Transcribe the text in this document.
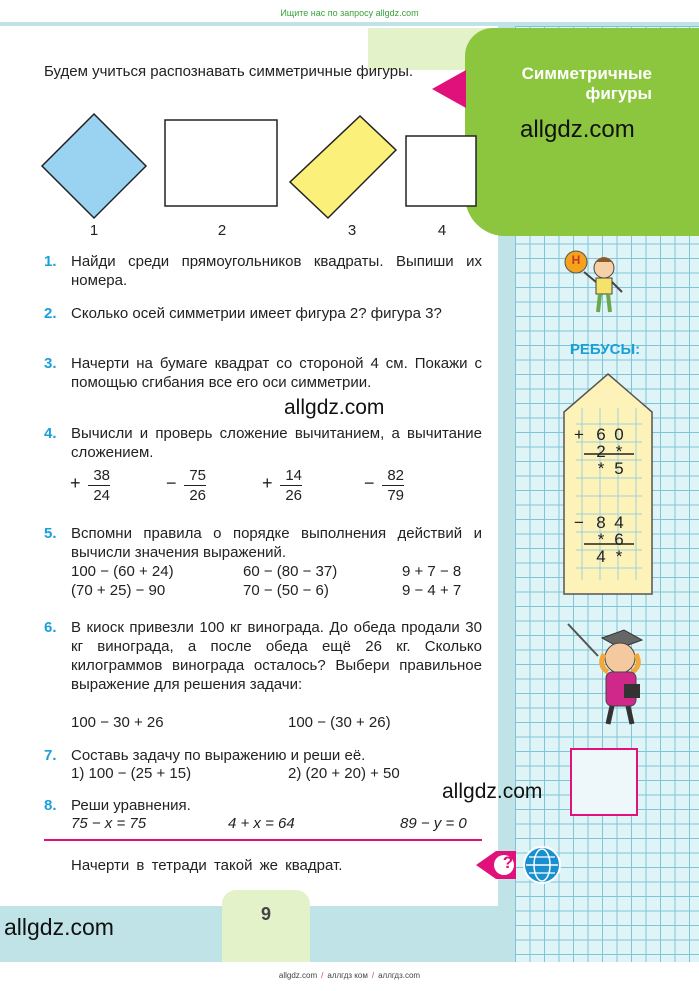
Симметричные
фигуры
Ищите нас по запросу allgdz.com
allgdz.com
Будем учиться распознавать симметричные фигуры.
1	2	3	4
1. Найди среди прямоугольников квадраты. Выпиши их номера.
2. Сколько осей симметрии имеет фигура 2? фигура 3?
3. Начерти на бумаге квадрат со стороной 4 см. Покажи с помощью сгибания все его оси симметрии.
allgdz.com
4. Вычисли и проверь сложение вычитанием, а вычитание сложением.
+ 38
24
− 75
26
+ 14
26
− 82
79
5. Вспомни правила о порядке выполнения действий и вычисли значения выражений.
100 − (60 + 24)	60 − (80 − 37)	9 + 7 − 8
(70 + 25) − 90	70 − (50 − 6)	9 − 4 + 7
6. В киоск привезли 100 кг винограда. До обеда продали 30 кг винограда, а после обеда ещё 26 кг. Сколько килограммов винограда осталось? Выбери правильное выражение для решения задачи:
100 − 30 + 26	100 − (30 + 26)
7. Составь задачу по выражению и реши её.
1) 100 − (25 + 15)	2) (20 + 20) + 50
allgdz.com
8. Реши уравнения.
75 − x = 75	4 + x = 64	89 − y = 0
Начерти в тетради такой же квадрат.
9
allgdz.com
Н
РЕБУСЫ:
+ 6 0
2 *
* 5
− 8 4
* 6
4 *
?
allgdz.com / аллгдз ком / аллгдз.com
